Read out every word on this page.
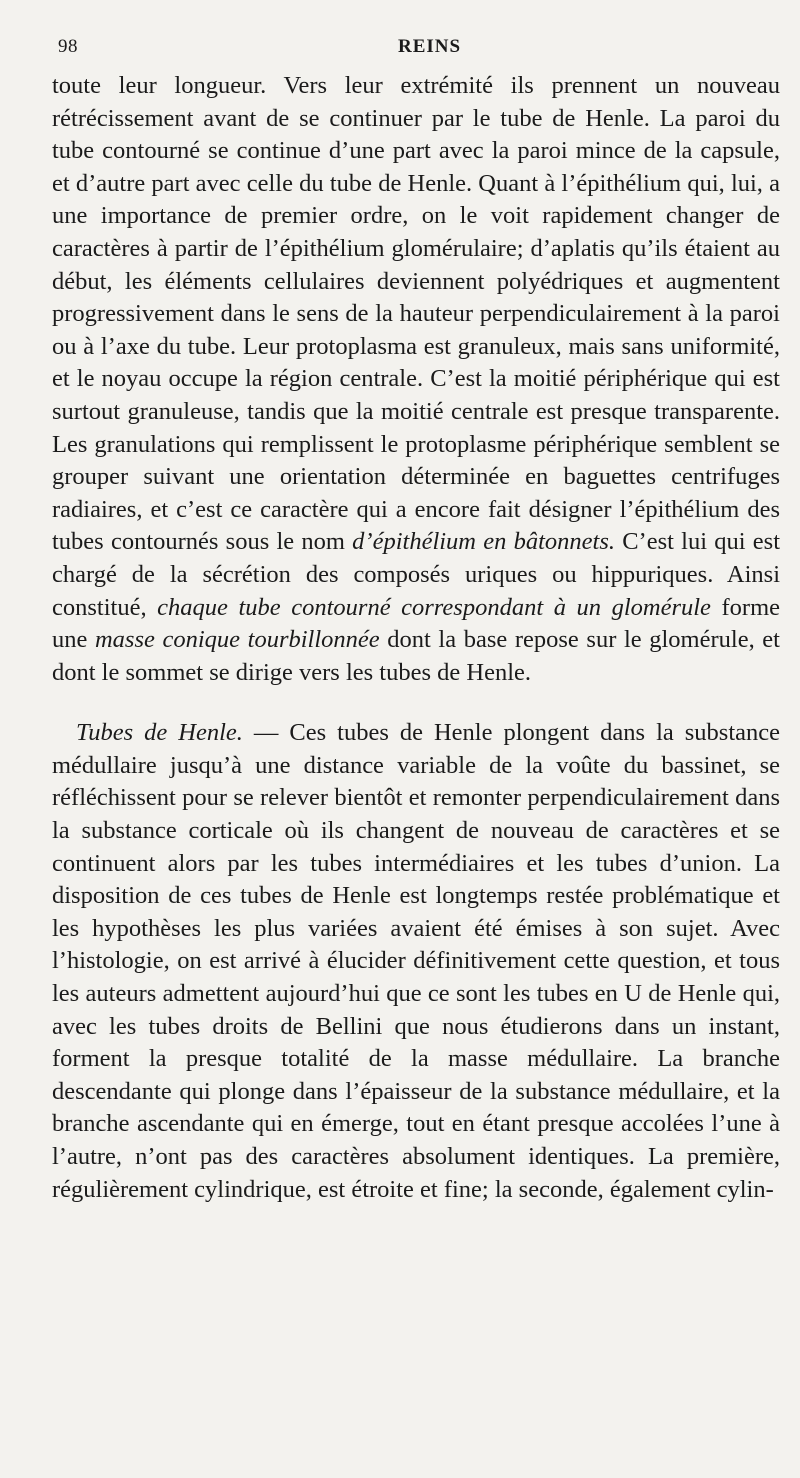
98	REINS

toute leur longueur. Vers leur extrémité ils prennent un nouveau rétrécissement avant de se continuer par le tube de Henle. La paroi du tube contourné se continue d’une part avec la paroi mince de la capsule, et d’autre part avec celle du tube de Henle. Quant à l’épithélium qui, lui, a une importance de premier ordre, on le voit rapidement changer de caractères à partir de l’épithélium glomérulaire; d’aplatis qu’ils étaient au début, les éléments cellulaires deviennent polyédriques et augmentent progressivement dans le sens de la hauteur perpendiculairement à la paroi ou à l’axe du tube. Leur protoplasma est granuleux, mais sans uniformité, et le noyau occupe la région centrale. C’est la moitié périphérique qui est surtout granuleuse, tandis que la moitié centrale est presque transparente. Les granulations qui remplissent le protoplasme périphérique semblent se grouper suivant une orientation déterminée en baguettes centrifuges radiaires, et c’est ce caractère qui a encore fait désigner l’épithélium des tubes contournés sous le nom d’épithélium en bâtonnets. C’est lui qui est chargé de la sécrétion des composés uriques ou hippuriques. Ainsi constitué, chaque tube contourné correspondant à un glomérule forme une masse conique tourbillonnée dont la base repose sur le glomérule, et dont le sommet se dirige vers les tubes de Henle.

Tubes de Henle. — Ces tubes de Henle plongent dans la substance médullaire jusqu’à une distance variable de la voûte du bassinet, se réfléchissent pour se relever bientôt et remonter perpendiculairement dans la substance corticale où ils changent de nouveau de caractères et se continuent alors par les tubes intermédiaires et les tubes d’union. La disposition de ces tubes de Henle est longtemps restée problématique et les hypothèses les plus variées avaient été émises à son sujet. Avec l’histologie, on est arrivé à élucider définitivement cette question, et tous les auteurs admettent aujourd’hui que ce sont les tubes en U de Henle qui, avec les tubes droits de Bellini que nous étudierons dans un instant, forment la presque totalité de la masse médullaire. La branche descendante qui plonge dans l’épaisseur de la substance médullaire, et la branche ascendante qui en émerge, tout en étant presque accolées l’une à l’autre, n’ont pas des caractères absolument identiques. La première, régulièrement cylindrique, est étroite et fine; la seconde, également cylin-
